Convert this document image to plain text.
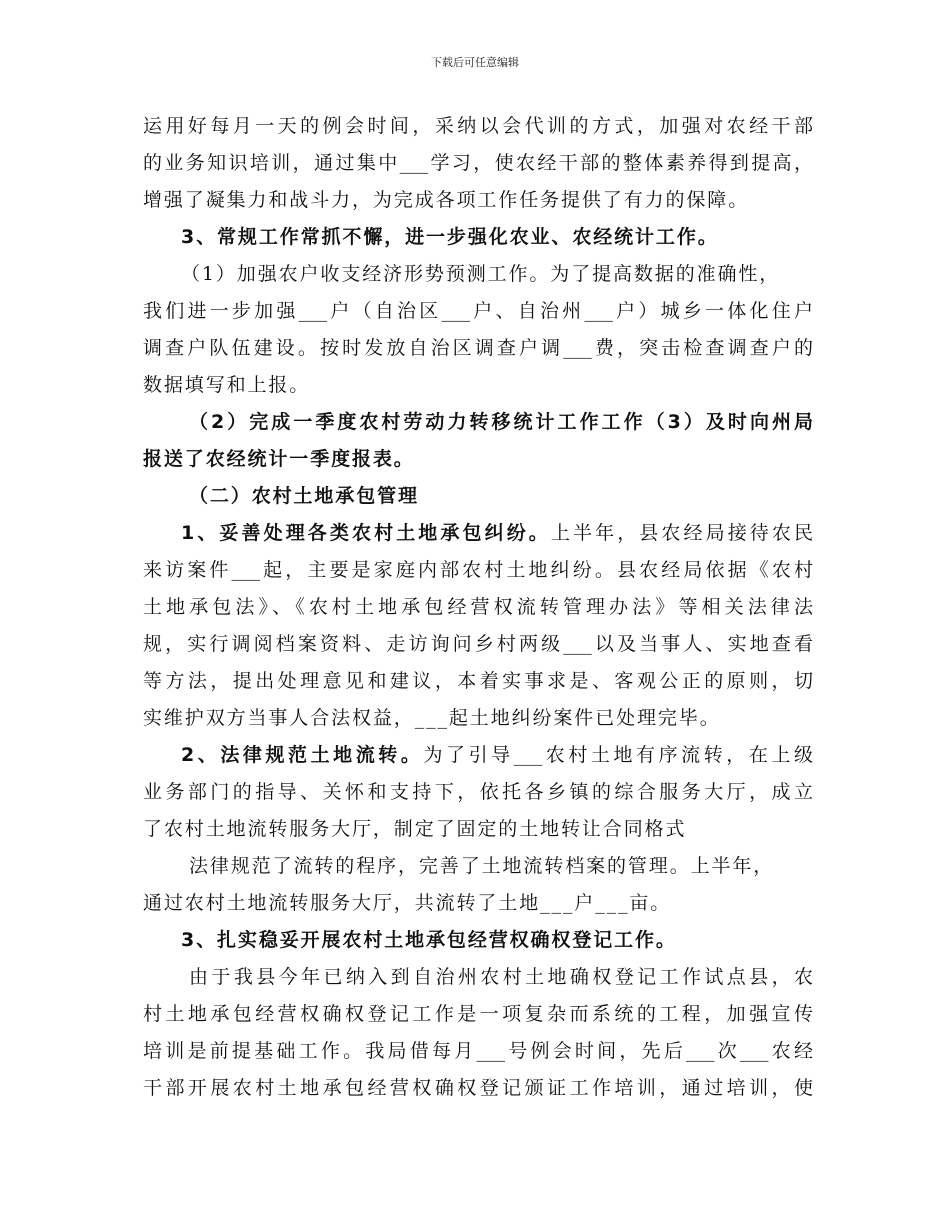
下载后可任意编辑
运用好每月一天的例会时间，采纳以会代训的方式，加强对农经干部
的业务知识培训，通过集中___学习，使农经干部的整体素养得到提高，
增强了凝集力和战斗力，为完成各项工作任务提供了有力的保障。
3、常规工作常抓不懈，进一步强化农业、农经统计工作。
（1）加强农户收支经济形势预测工作。为了提高数据的准确性，
我们进一步加强___户（自治区___户、自治州___户）城乡一体化住户
调查户队伍建设。按时发放自治区调查户调___费，突击检查调查户的
数据填写和上报。
（2）完成一季度农村劳动力转移统计工作工作（3）及时向州局
报送了农经统计一季度报表。
（二）农村土地承包管理
1、妥善处理各类农村土地承包纠纷。上半年，县农经局接待农民
来访案件___起，主要是家庭内部农村土地纠纷。县农经局依据《农村
土地承包法》、《农村土地承包经营权流转管理办法》等相关法律法
规，实行调阅档案资料、走访询问乡村两级___以及当事人、实地查看
等方法，提出处理意见和建议，本着实事求是、客观公正的原则，切
实维护双方当事人合法权益，___起土地纠纷案件已处理完毕。
2、法律规范土地流转。为了引导___农村土地有序流转，在上级
业务部门的指导、关怀和支持下，依托各乡镇的综合服务大厅，成立
了农村土地流转服务大厅，制定了固定的土地转让合同格式
法律规范了流转的程序，完善了土地流转档案的管理。上半年，
通过农村土地流转服务大厅，共流转了土地___户___亩。
3、扎实稳妥开展农村土地承包经营权确权登记工作。
由于我县今年已纳入到自治州农村土地确权登记工作试点县，农
村土地承包经营权确权登记工作是一项复杂而系统的工程，加强宣传
培训是前提基础工作。我局借每月___号例会时间，先后___次___农经
干部开展农村土地承包经营权确权登记颁证工作培训，通过培训，使
